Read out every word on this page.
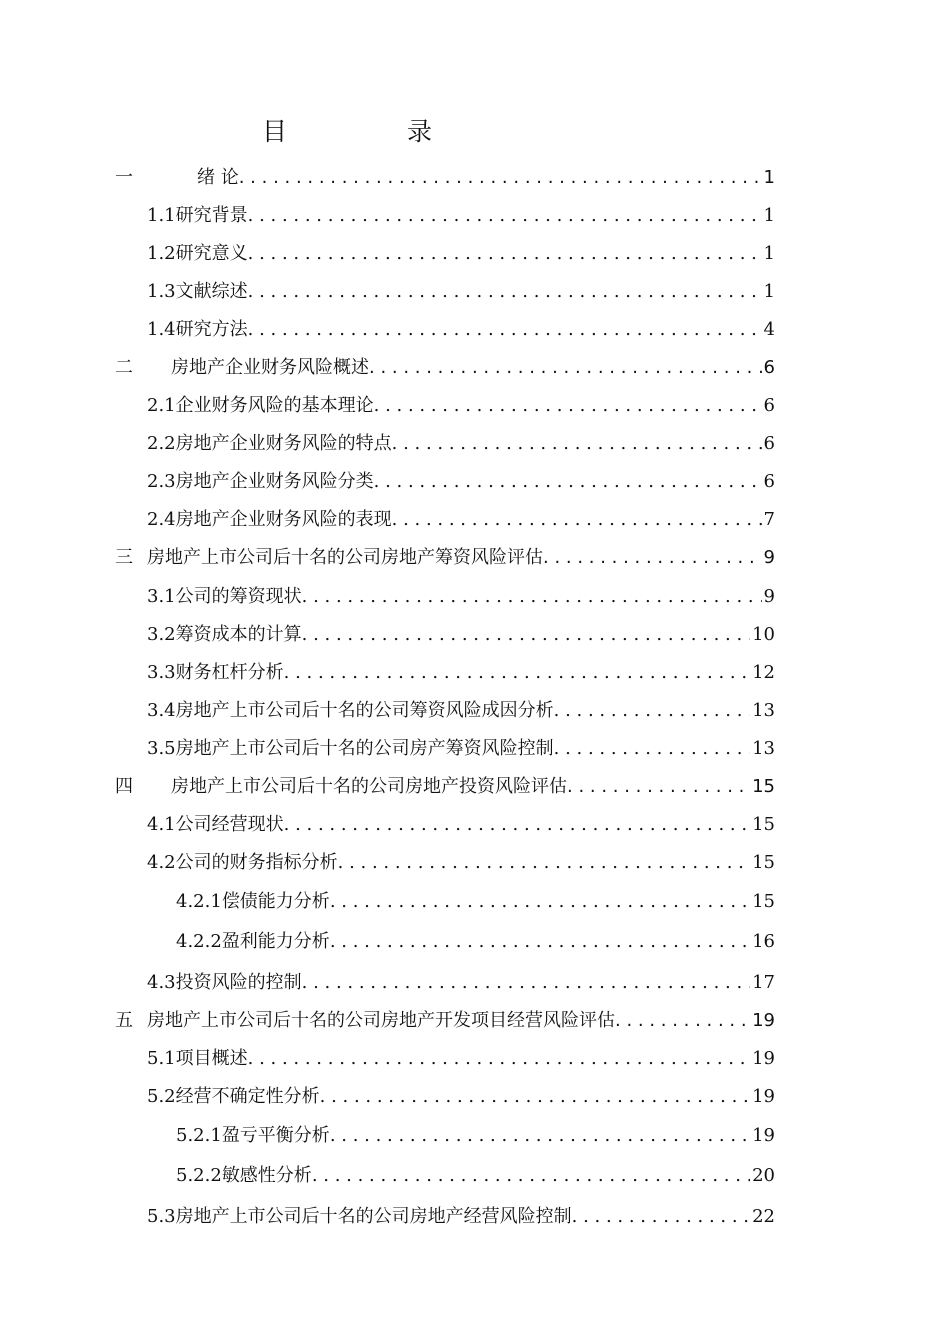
目 录
一	绪 论 . . .	1
1.1研究背景 . . .	1
1.2研究意义 . . .	1
1.3文献综述 . . .	1
1.4研究方法 . . .	4
二 房地产企业财务风险概述 . . .	6
2.1企业财务风险的基本理论 . . .	6
2.2房地产企业财务风险的特点 . . .	6
2.3房地产企业财务风险分类 . . .	6
2.4房地产企业财务风险的表现 . . .	7
三 房地产上市公司后十名的公司房地产筹资风险评估 . . .	9
3.1公司的筹资现状 . . .	9
3.2筹资成本的计算 . . .	10
3.3财务杠杆分析 . . .	12
3.4房地产上市公司后十名的公司筹资风险成因分析 . . .	13
3.5房地产上市公司后十名的公司房产筹资风险控制 . . .	13
四 房地产上市公司后十名的公司房地产投资风险评估 . . .	15
4.1公司经营现状 . . .	15
4.2公司的财务指标分析 . . .	15
4.2.1偿债能力分析 . . .	15
4.2.2盈利能力分析 . . .	16
4.3投资风险的控制 . . .	17
五 房地产上市公司后十名的公司房地产开发项目经营风险评估 . . .	19
5.1项目概述 . . .	19
5.2经营不确定性分析 . . .	19
5.2.1盈亏平衡分析 . . .	19
5.2.2敏感性分析 . . .	20
5.3房地产上市公司后十名的公司房地产经营风险控制 . . .	22
